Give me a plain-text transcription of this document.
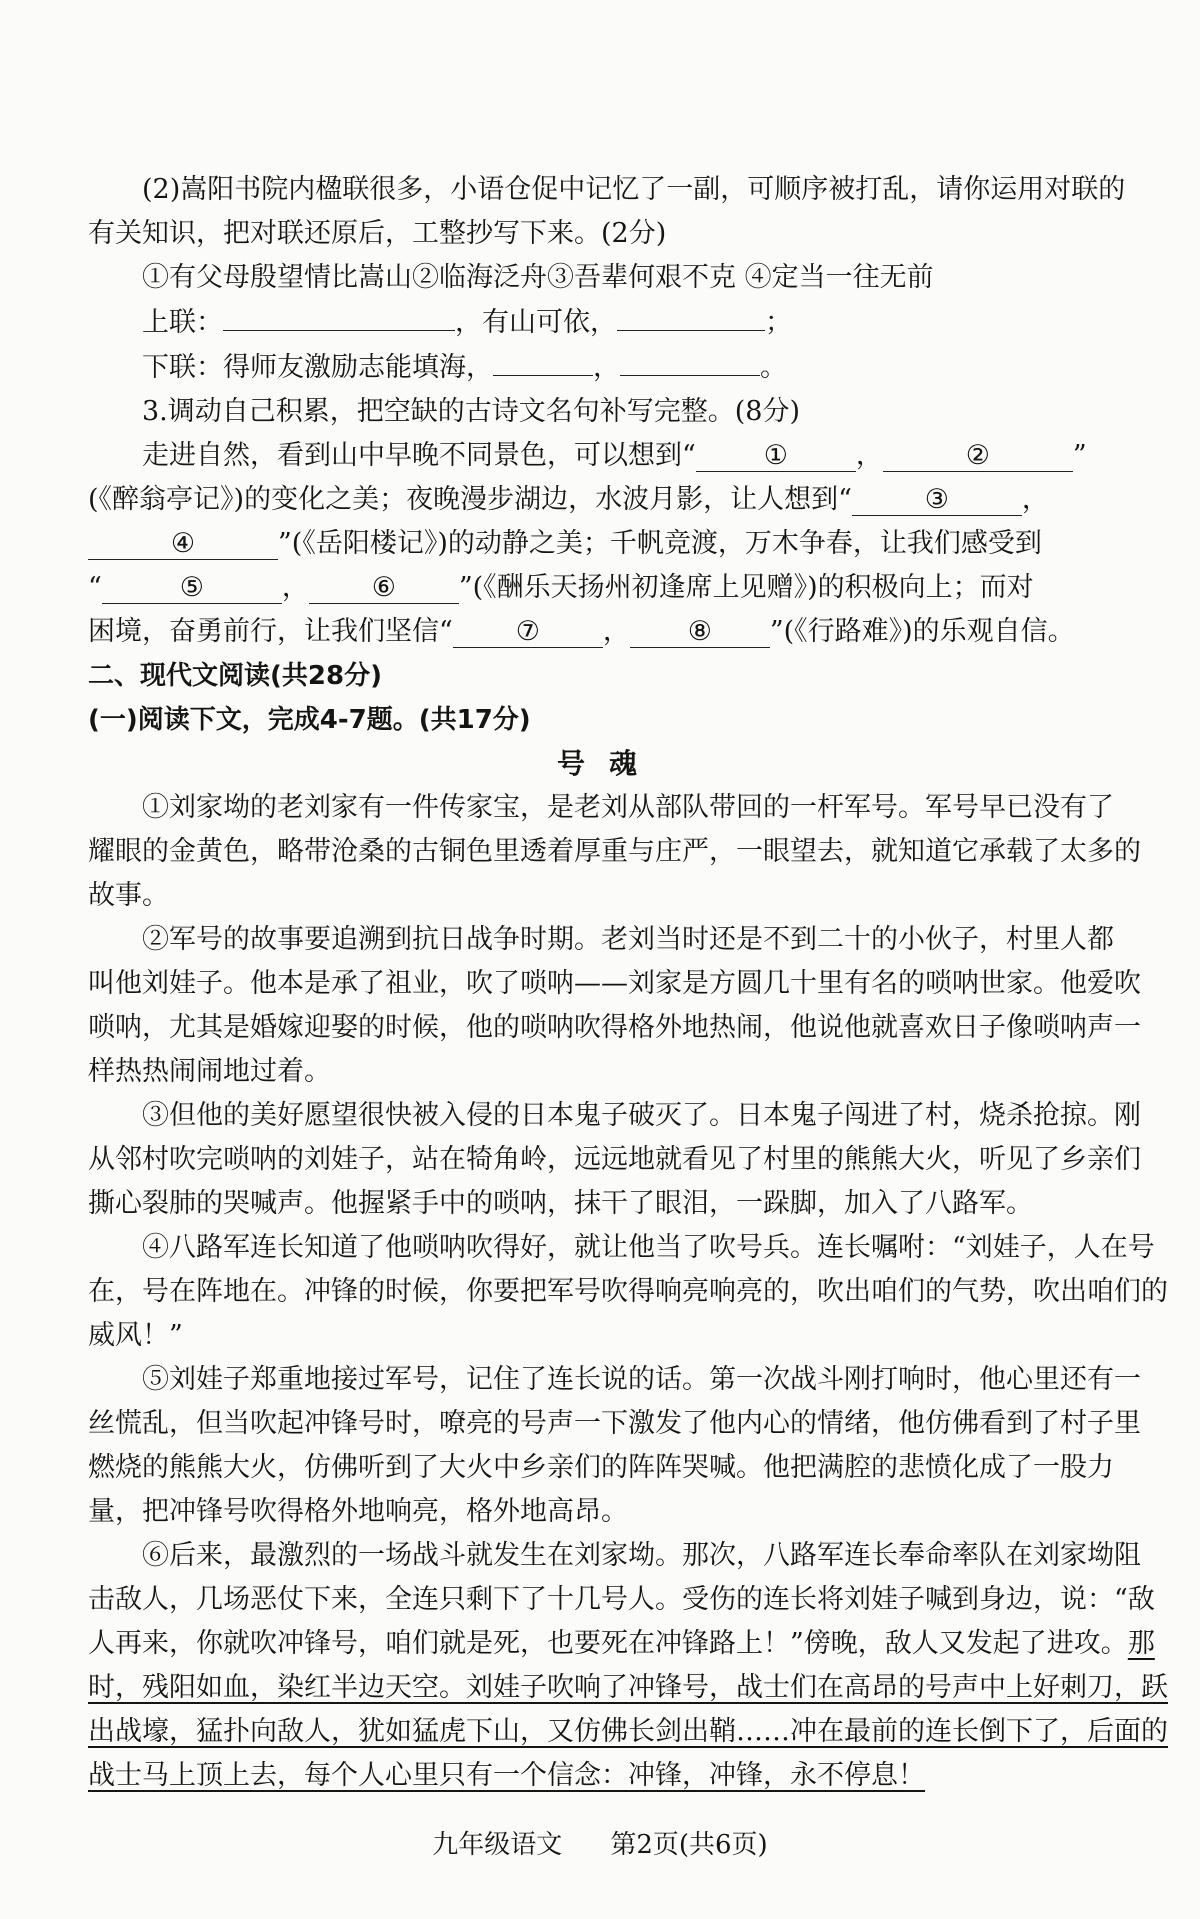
(2)嵩阳书院内楹联很多，小语仓促中记忆了一副，可顺序被打乱，请你运用对联的
有关知识，把对联还原后，工整抄写下来。(2分)
①有父母殷望情比嵩山②临海泛舟③吾辈何艰不克 ④定当一往无前
上联：	，有山可依，	；
下联：得师友激励志能填海，	，	。
3.调动自己积累，把空缺的古诗文名句补写完整。(8分)
走进自然，看到山中早晚不同景色，可以想到“	①	，	②	”
(《醉翁亭记》)的变化之美；夜晚漫步湖边，水波月影，让人想到“	③	，
④	”(《岳阳楼记》)的动静之美；千帆竞渡，万木争春，让我们感受到
“	⑤	， ⑥ ”(《酬乐天扬州初逢席上见赠》)的积极向上；而对
困境，奋勇前行，让我们坚信“ ⑦ ， ⑧ ”(《行路难》)的乐观自信。
二、现代文阅读(共28分)
(一)阅读下文，完成4-7题。(共17分)
号魂
①刘家坳的老刘家有一件传家宝，是老刘从部队带回的一杆军号。军号早已没有了
耀眼的金黄色，略带沧桑的古铜色里透着厚重与庄严，一眼望去，就知道它承载了太多的
故事。
②军号的故事要追溯到抗日战争时期。老刘当时还是不到二十的小伙子，村里人都
叫他刘娃子。他本是承了祖业，吹了唢呐——刘家是方圆几十里有名的唢呐世家。他爱吹
唢呐，尤其是婚嫁迎娶的时候，他的唢呐吹得格外地热闹，他说他就喜欢日子像唢呐声一
样热热闹闹地过着。
③但他的美好愿望很快被入侵的日本鬼子破灭了。日本鬼子闯进了村，烧杀抢掠。刚
从邻村吹完唢呐的刘娃子，站在犄角岭，远远地就看见了村里的熊熊大火，听见了乡亲们
撕心裂肺的哭喊声。他握紧手中的唢呐，抹干了眼泪，一跺脚，加入了八路军。
④八路军连长知道了他唢呐吹得好，就让他当了吹号兵。连长嘱咐：“刘娃子，人在号
在，号在阵地在。冲锋的时候，你要把军号吹得响亮响亮的，吹出咱们的气势，吹出咱们的
威风！”
⑤刘娃子郑重地接过军号，记住了连长说的话。第一次战斗刚打响时，他心里还有一
丝慌乱，但当吹起冲锋号时，嘹亮的号声一下激发了他内心的情绪，他仿佛看到了村子里
燃烧的熊熊大火，仿佛听到了大火中乡亲们的阵阵哭喊。他把满腔的悲愤化成了一股力
量，把冲锋号吹得格外地响亮，格外地高昂。
⑥后来，最激烈的一场战斗就发生在刘家坳。那次，八路军连长奉命率队在刘家坳阻
击敌人，几场恶仗下来，全连只剩下了十几号人。受伤的连长将刘娃子喊到身边，说：“敌
人再来，你就吹冲锋号，咱们就是死，也要死在冲锋路上！”傍晚，敌人又发起了进攻。那
时，残阳如血，染红半边天空。刘娃子吹响了冲锋号，战士们在高昂的号声中上好刺刀，跃
出战壕，猛扑向敌人，犹如猛虎下山，又仿佛长剑出鞘……冲在最前的连长倒下了，后面的
战士马上顶上去，每个人心里只有一个信念：冲锋，冲锋，永不停息！
九年级语文 第2页(共6页)
